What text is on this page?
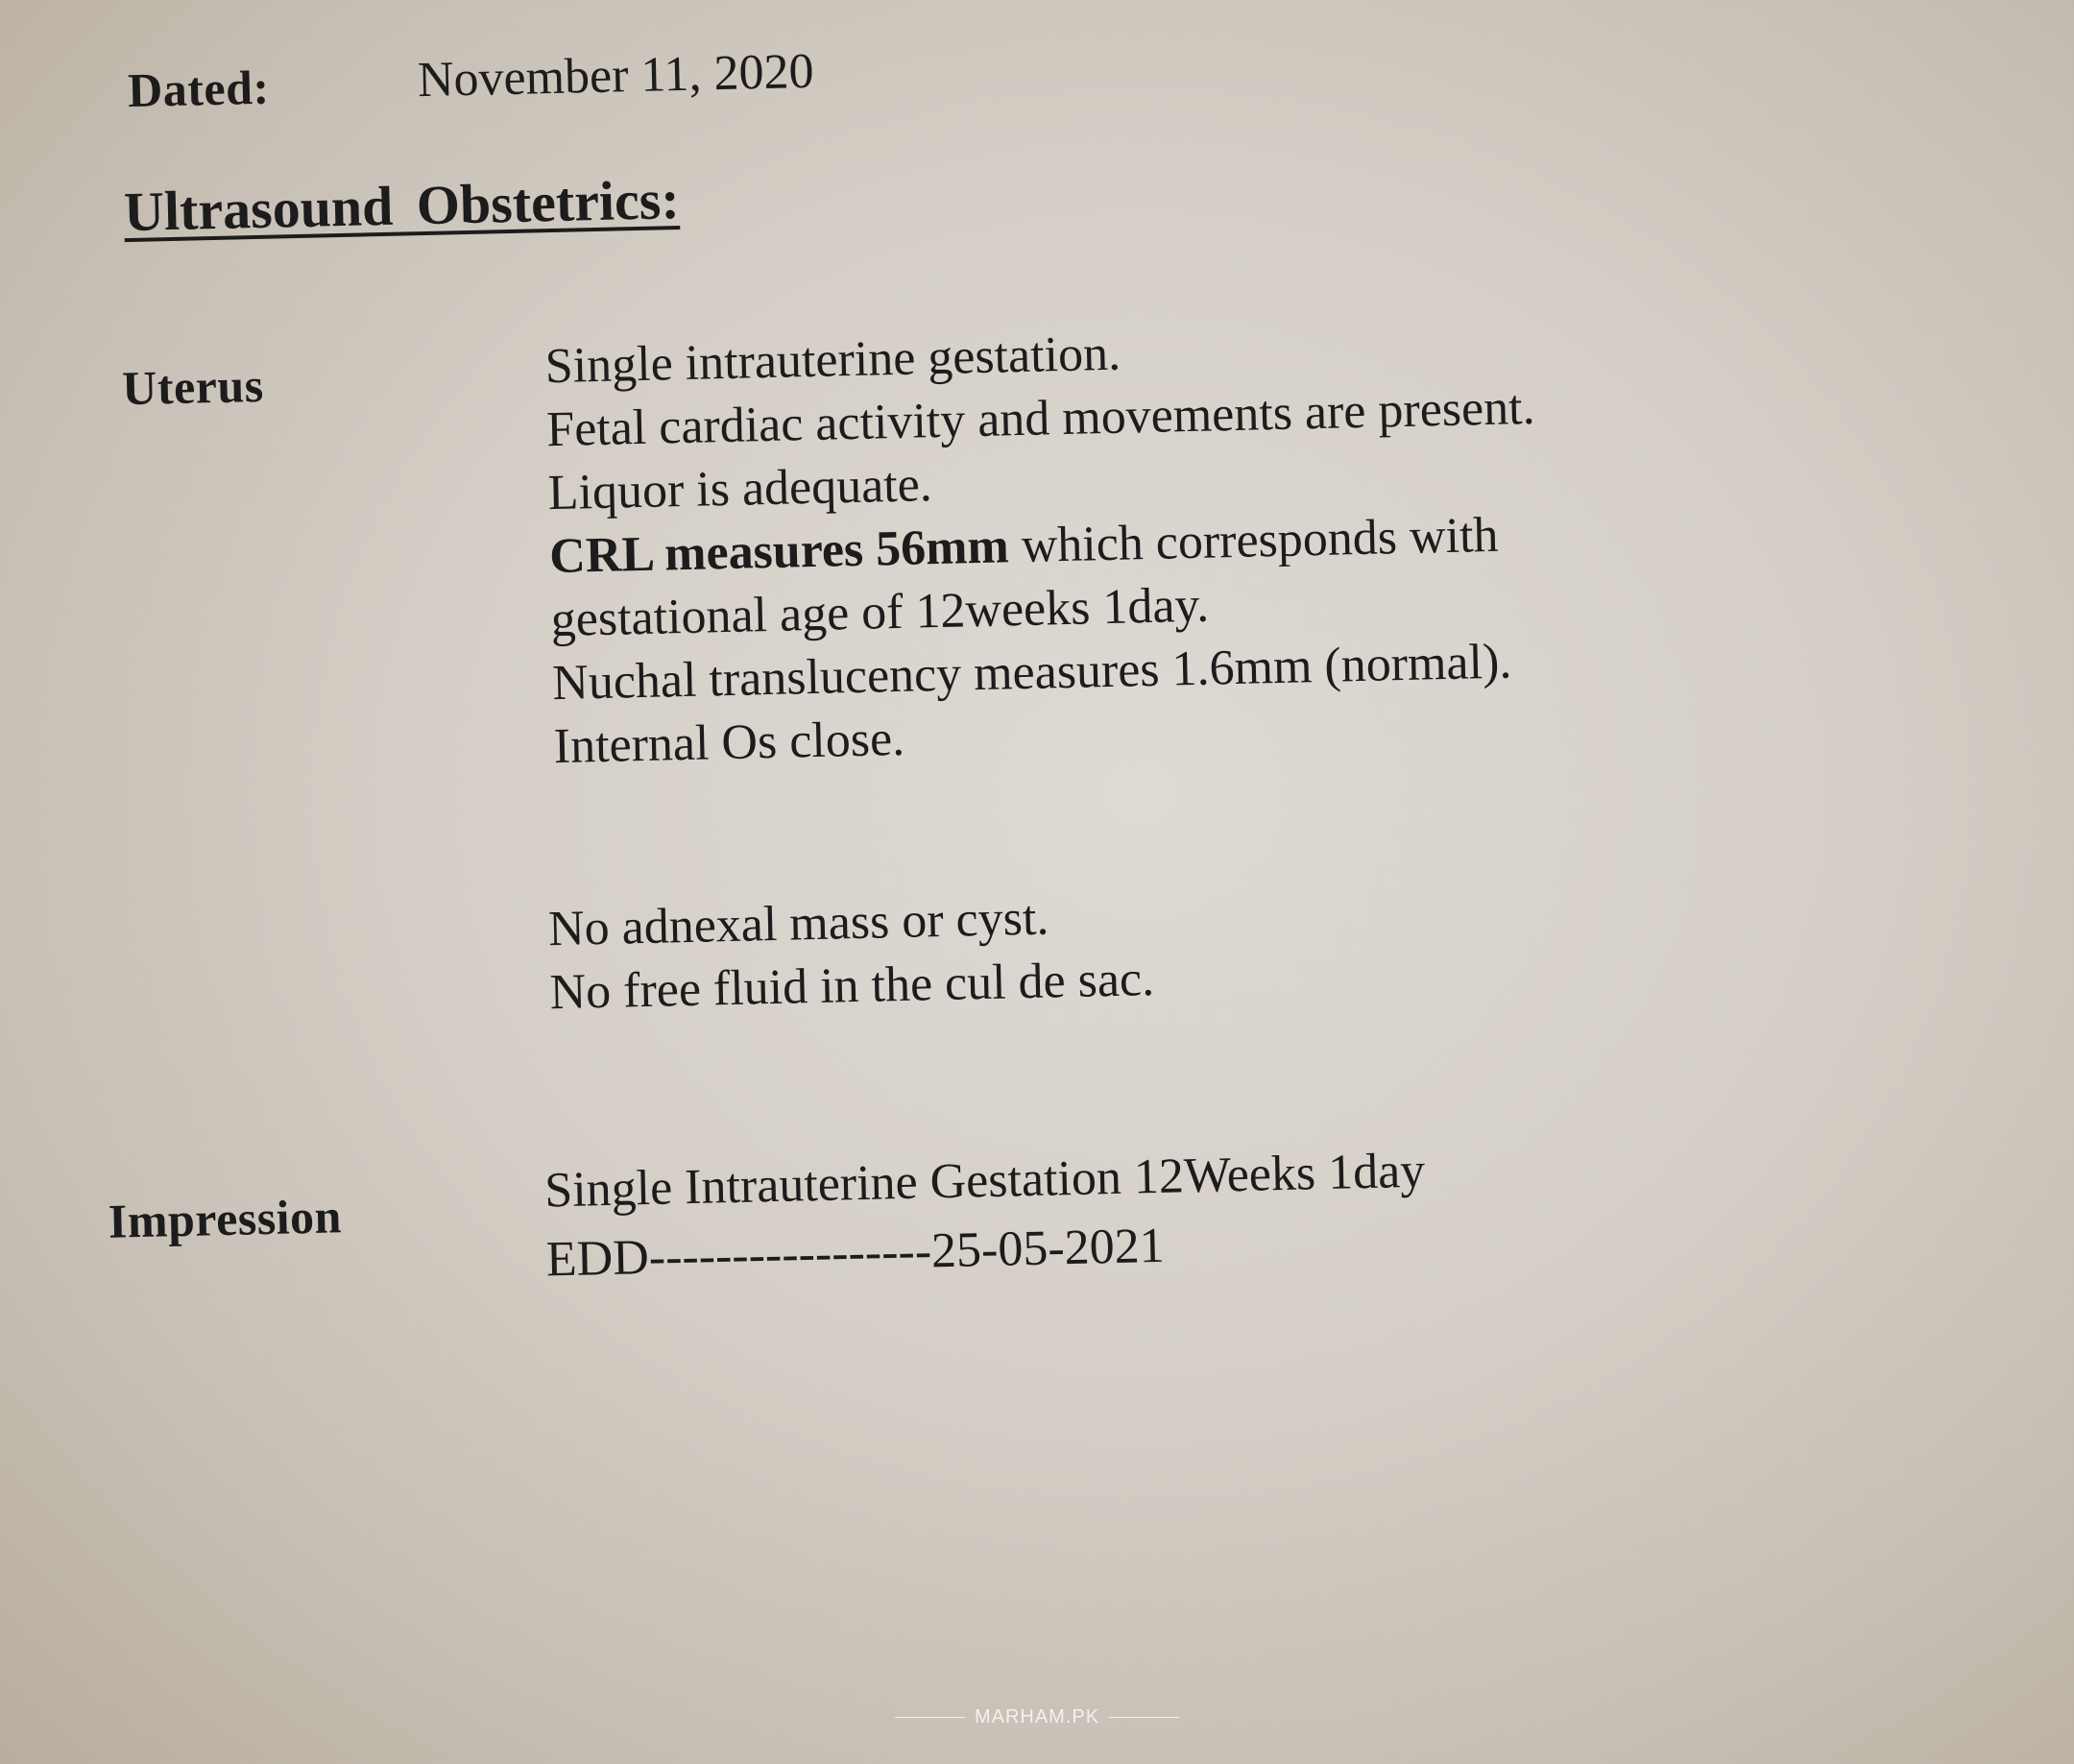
Dated:	November 11, 2020
Ultrasound Obstetrics:
Uterus	Single intrauterine gestation.
Fetal cardiac activity and movements are present.
Liquor is adequate.
CRL measures 56mm which corresponds with
gestational age of 12weeks 1day.
Nuchal translucency measures 1.6mm (normal).
Internal Os close.
No adnexal mass or cyst.
No free fluid in the cul de sac.
Impression
Single Intrauterine Gestation 12Weeks 1day
EDD-----------------25-05-2021
MARHAM.PK
